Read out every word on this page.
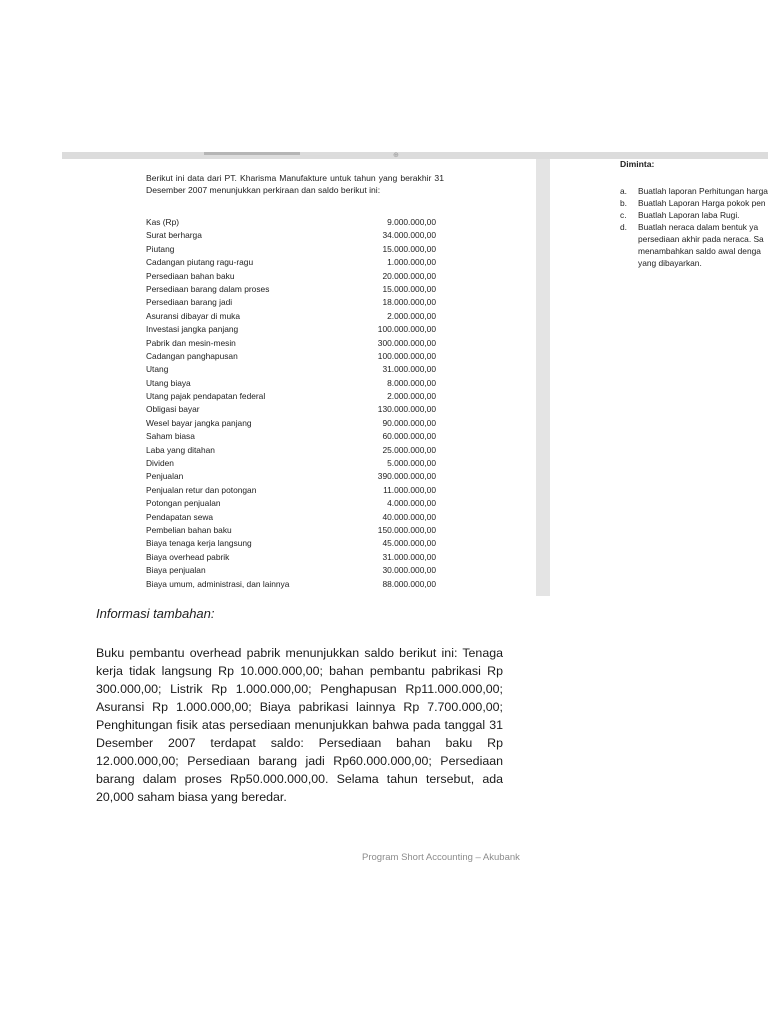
⊕
Berikut ini data dari PT. Kharisma Manufakture untuk tahun yang berakhir 31 Desember 2007 menunjukkan perkiraan dan saldo berikut ini:
Kas (Rp)	9.000.000,00
Surat berharga	34.000.000,00
Piutang	15.000.000,00
Cadangan piutang ragu-ragu	1.000.000,00
Persediaan bahan baku	20.000.000,00
Persediaan barang dalam proses	15.000.000,00
Persediaan barang jadi	18.000.000,00
Asuransi dibayar di muka	2.000.000,00
Investasi jangka panjang	100.000.000,00
Pabrik dan mesin-mesin	300.000.000,00
Cadangan panghapusan	100.000.000,00
Utang	31.000.000,00
Utang biaya	8.000.000,00
Utang pajak pendapatan federal	2.000.000,00
Obligasi bayar	130.000.000,00
Wesel bayar jangka panjang	90.000.000,00
Saham biasa	60.000.000,00
Laba yang ditahan	25.000.000,00
Dividen	5.000.000,00
Penjualan	390.000.000,00
Penjualan retur dan potongan	11.000.000,00
Potongan penjualan	4.000.000,00
Pendapatan sewa	40.000.000,00
Pembelian bahan baku	150.000.000,00
Biaya tenaga kerja langsung	45.000.000,00
Biaya overhead pabrik	31.000.000,00
Biaya penjualan	30.000.000,00
Biaya umum, administrasi, dan lainnya	88.000.000,00
Diminta:
a.	Buatlah laporan Perhitungan harga
b.	Buatlah Laporan Harga pokok pen
c.	Buatlah Laporan laba Rugi.
d.	Buatlah neraca dalam bentuk ya
persediaan akhir pada neraca. Sa
menambahkan saldo awal denga
yang dibayarkan.
Informasi tambahan:
Buku pembantu overhead pabrik menunjukkan saldo berikut ini: Tenaga kerja tidak langsung Rp 10.000.000,00; bahan pembantu pabrikasi Rp 300.000,00; Listrik Rp 1.000.000,00; Penghapusan Rp11.000.000,00; Asuransi Rp 1.000.000,00; Biaya pabrikasi lainnya Rp 7.700.000,00; Penghitungan fisik atas persediaan menunjukkan bahwa pada tanggal 31 Desember 2007 terdapat saldo: Persediaan bahan baku Rp 12.000.000,00; Persediaan barang jadi Rp60.000.000,00; Persediaan barang dalam proses Rp50.000.000,00. Selama tahun tersebut, ada 20,000 saham biasa yang beredar.
Program Short Accounting – Akubank
